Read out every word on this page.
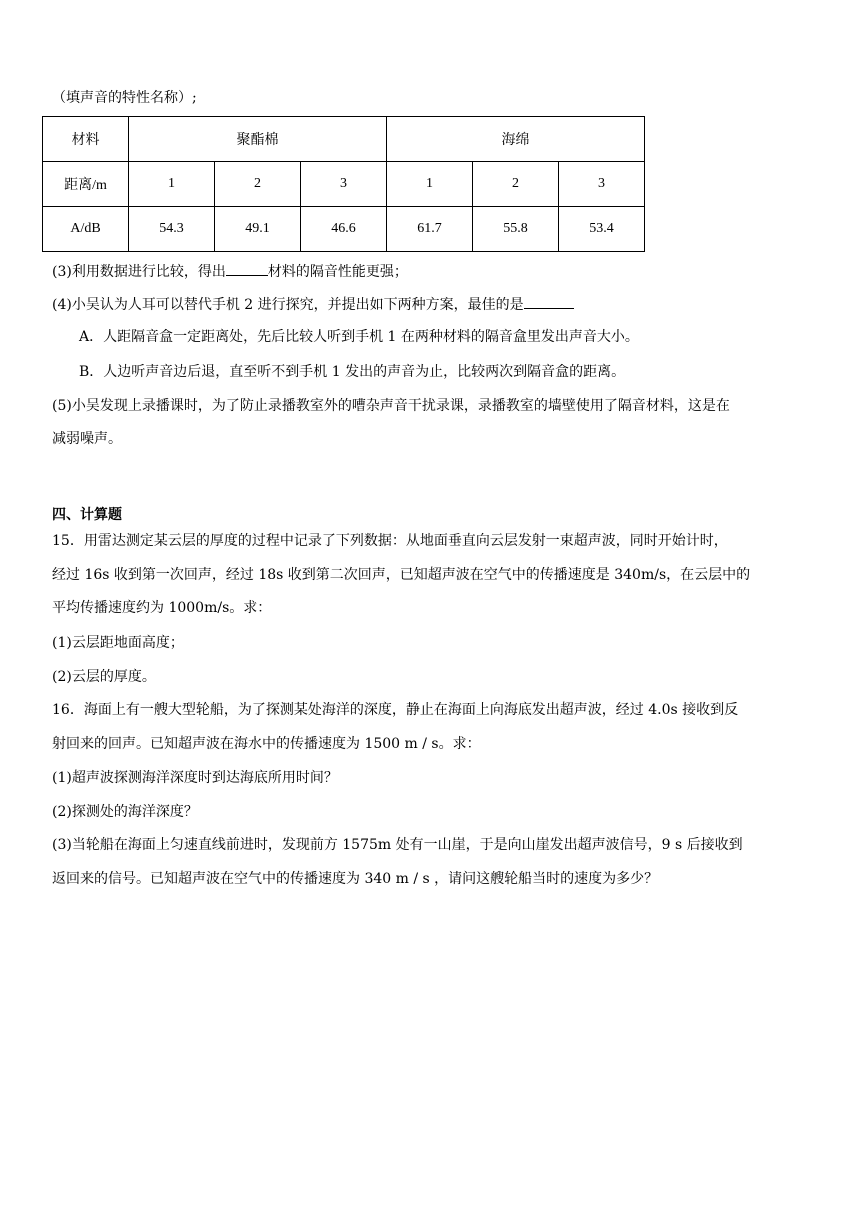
（填声音的特性名称）;
材料	聚酯棉			海绵		
距离/m	1	2	3	1	2	3
A/dB	54.3	49.1	46.6	61.7	55.8	53.4
(3)利用数据进行比较，得出	材料的隔音性能更强；
(4)小吴认为人耳可以替代手机 2 进行探究，并提出如下两种方案，最佳的是
A．人距隔音盒一定距离处，先后比较人听到手机 1 在两种材料的隔音盒里发出声音大小。
B．人边听声音边后退，直至听不到手机 1 发出的声音为止，比较两次到隔音盒的距离。
(5)小吴发现上录播课时，为了防止录播教室外的嘈杂声音干扰录课，录播教室的墙壁使用了隔音材料，这是在
减弱噪声。
四、计算题
15．用雷达测定某云层的厚度的过程中记录了下列数据：从地面垂直向云层发射一束超声波，同时开始计时，
经过 16s 收到第一次回声，经过 18s 收到第二次回声，已知超声波在空气中的传播速度是 340m/s，在云层中的
平均传播速度约为 1000m/s。求：
(1)云层距地面高度；
(2)云层的厚度。
16．海面上有一艘大型轮船，为了探测某处海洋的深度，静止在海面上向海底发出超声波，经过 4.0s 接收到反
射回来的回声。已知超声波在海水中的传播速度为 1500 m / s。求：
(1)超声波探测海洋深度时到达海底所用时间？
(2)探测处的海洋深度？
(3)当轮船在海面上匀速直线前进时，发现前方 1575m 处有一山崖，于是向山崖发出超声波信号，9 s 后接收到
返回来的信号。已知超声波在空气中的传播速度为 340 m / s ，请问这艘轮船当时的速度为多少？
